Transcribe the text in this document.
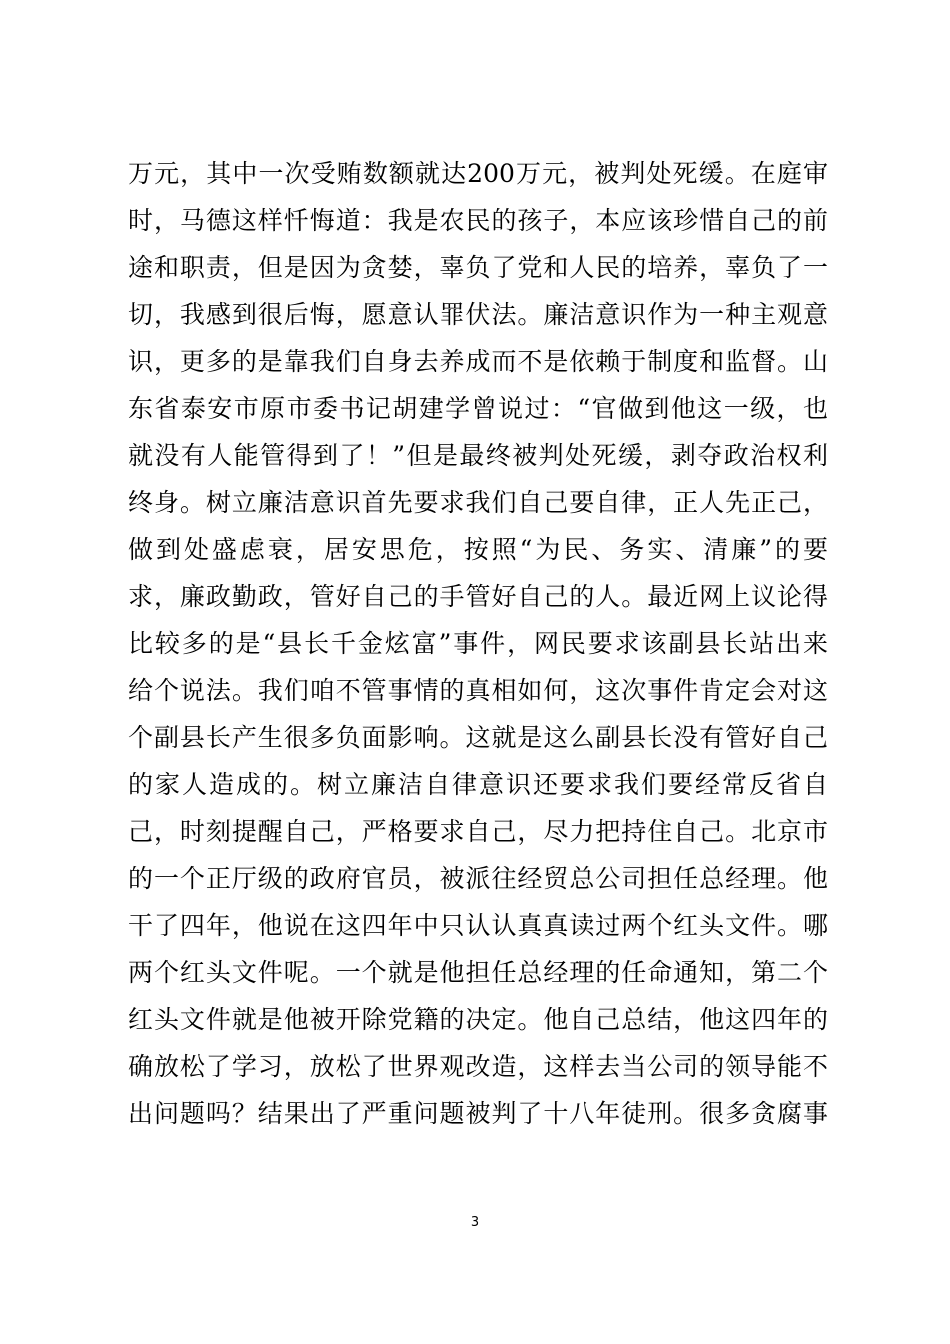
万元，其中一次受贿数额就达200万元，被判处死缓。在庭审
时，马德这样忏悔道：我是农民的孩子，本应该珍惜自己的前
途和职责，但是因为贪婪，辜负了党和人民的培养，辜负了一
切，我感到很后悔，愿意认罪伏法。廉洁意识作为一种主观意
识，更多的是靠我们自身去养成而不是依赖于制度和监督。山
东省泰安市原市委书记胡建学曾说过：“官做到他这一级，也
就没有人能管得到了！”但是最终被判处死缓，剥夺政治权利
终身。树立廉洁意识首先要求我们自己要自律，正人先正己，
做到处盛虑衰，居安思危，按照“为民、务实、清廉”的要
求，廉政勤政，管好自己的手管好自己的人。最近网上议论得
比较多的是“县长千金炫富”事件，网民要求该副县长站出来
给个说法。我们咱不管事情的真相如何，这次事件肯定会对这
个副县长产生很多负面影响。这就是这么副县长没有管好自己
的家人造成的。树立廉洁自律意识还要求我们要经常反省自
己，时刻提醒自己，严格要求自己，尽力把持住自己。北京市
的一个正厅级的政府官员，被派往经贸总公司担任总经理。他
干了四年，他说在这四年中只认认真真读过两个红头文件。哪
两个红头文件呢。一个就是他担任总经理的任命通知，第二个
红头文件就是他被开除党籍的决定。他自己总结，他这四年的
确放松了学习，放松了世界观改造，这样去当公司的领导能不
出问题吗？结果出了严重问题被判了十八年徒刑。很多贪腐事
3
